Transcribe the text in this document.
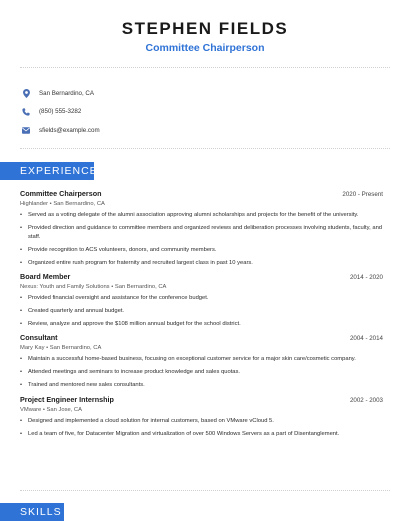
STEPHEN FIELDS
Committee Chairperson
San Bernardino, CA
(850) 555-3282
sfields@example.com
EXPERIENCE
Committee Chairperson	2020 - Present
Highlander • San Bernardino, CA
• Served as a voting delegate of the alumni association approving alumni scholarships and projects for the benefit of the university.
• Provided direction and guidance to committee members and organized reviews and deliberation processes involving students, faculty, and staff.
• Provide recognition to ACS volunteers, donors, and community members.
• Organized entire rush program for fraternity and recruited largest class in past 10 years.
Board Member	2014 - 2020
Nexus: Youth and Family Solutions • San Bernardino, CA
• Provided financial oversight and assistance for the conference budget.
• Created quarterly and annual budget.
• Review, analyze and approve the $108 million annual budget for the school district.
Consultant	2004 - 2014
Mary Kay • San Bernardino, CA
• Maintain a successful home-based business, focusing on exceptional customer service for a major skin care/cosmetic company.
• Attended meetings and seminars to increase product knowledge and sales quotas.
• Trained and mentored new sales consultants.
Project Engineer Internship	2002 - 2003
VMware • San Jose, CA
• Designed and implemented a cloud solution for internal customers, based on VMware vCloud 5.
• Led a team of five, for Datacenter Migration and virtualization of over 500 Windows Servers as a part of Disentanglement.
SKILLS
